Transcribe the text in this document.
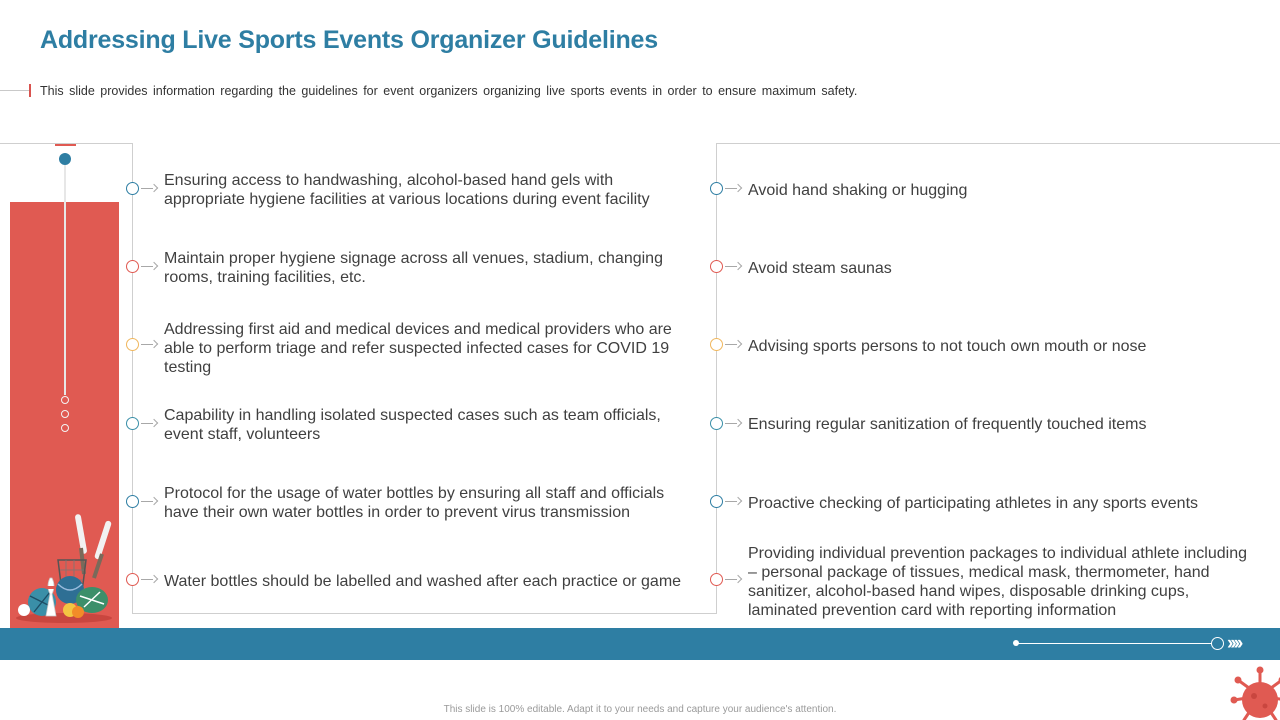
Addressing Live Sports Events Organizer Guidelines
This slide provides information regarding the guidelines for event organizers organizing live sports events in order to ensure maximum safety.
Ensuring access to handwashing, alcohol-based hand gels with appropriate hygiene facilities at various locations during event facility
Maintain proper hygiene signage across all venues, stadium, changing rooms, training facilities, etc.
Addressing first aid and medical devices and medical providers who are able to perform triage and refer suspected infected cases for COVID 19 testing
Capability in handling isolated suspected cases such as team officials, event staff, volunteers
Protocol for the usage of water bottles by ensuring all staff and officials have their own water bottles in order to prevent virus transmission
Water bottles should be labelled and washed after each practice or game
Avoid hand shaking or hugging
Avoid steam saunas
Advising sports persons to not touch own mouth or nose
Ensuring regular sanitization of frequently touched items
Proactive checking of participating athletes in any sports events
Providing individual prevention packages to individual athlete including – personal package of tissues, medical mask, thermometer, hand sanitizer, alcohol-based hand wipes, disposable drinking cups, laminated prevention card with reporting information
››››
This slide is 100% editable. Adapt it to your needs and capture your audience's attention.
